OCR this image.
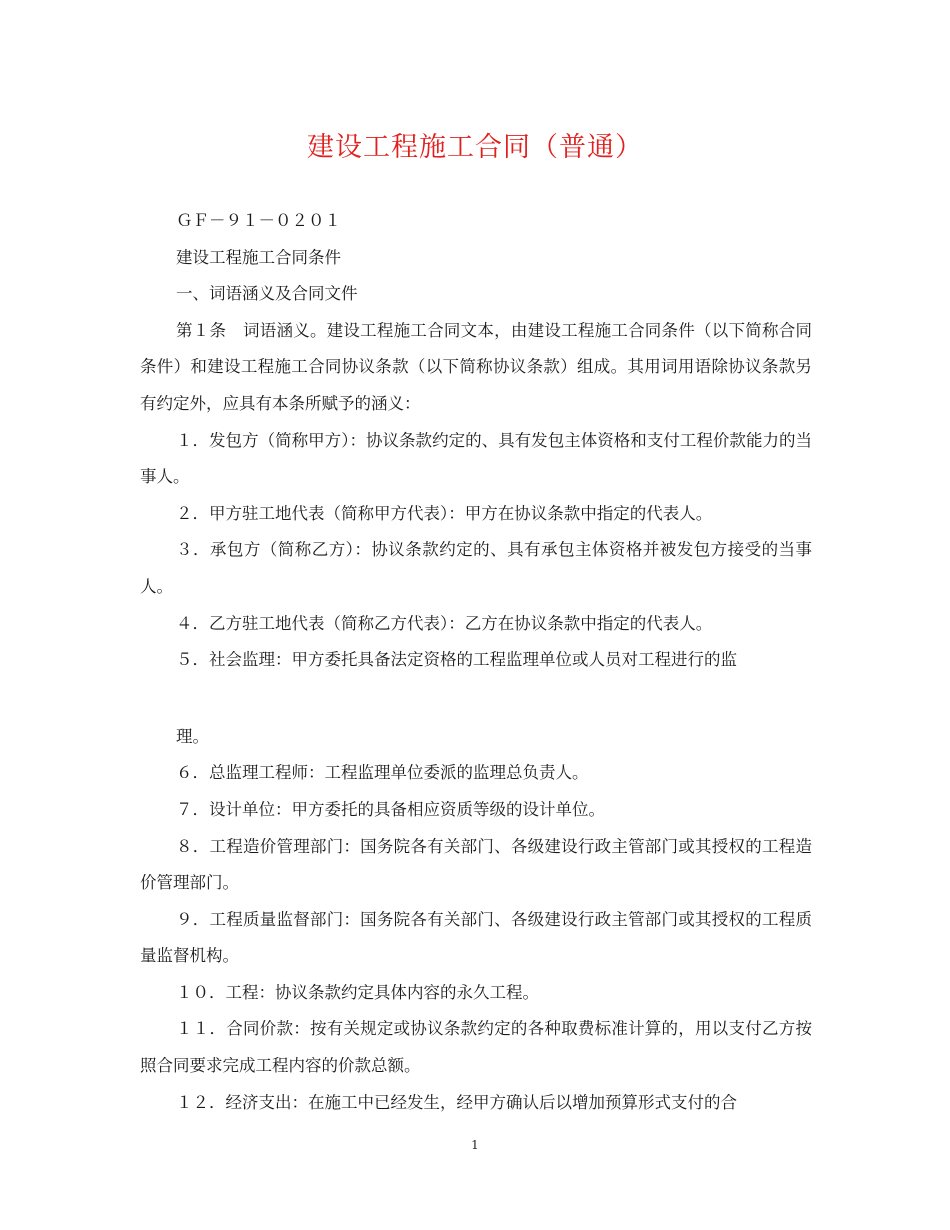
建设工程施工合同（普通）

ＧＦ－９１－０２０１

建设工程施工合同条件

一、词语涵义及合同文件

第１条　词语涵义。建设工程施工合同文本，由建设工程施工合同条件（以下简称合同条件）和建设工程施工合同协议条款（以下简称协议条款）组成。其用词用语除协议条款另有约定外，应具有本条所赋予的涵义：

１．发包方（简称甲方）：协议条款约定的、具有发包主体资格和支付工程价款能力的当事人。

２．甲方驻工地代表（简称甲方代表）：甲方在协议条款中指定的代表人。

３．承包方（简称乙方）：协议条款约定的、具有承包主体资格并被发包方接受的当事人。

４．乙方驻工地代表（简称乙方代表）：乙方在协议条款中指定的代表人。

５．社会监理：甲方委托具备法定资格的工程监理单位或人员对工程进行的监

理。

６．总监理工程师：工程监理单位委派的监理总负责人。

７．设计单位：甲方委托的具备相应资质等级的设计单位。

８．工程造价管理部门：国务院各有关部门、各级建设行政主管部门或其授权的工程造价管理部门。

９．工程质量监督部门：国务院各有关部门、各级建设行政主管部门或其授权的工程质量监督机构。

１０．工程：协议条款约定具体内容的永久工程。

１１．合同价款：按有关规定或协议条款约定的各种取费标准计算的，用以支付乙方按照合同要求完成工程内容的价款总额。

１２．经济支出：在施工中已经发生，经甲方确认后以增加预算形式支付的合

1
